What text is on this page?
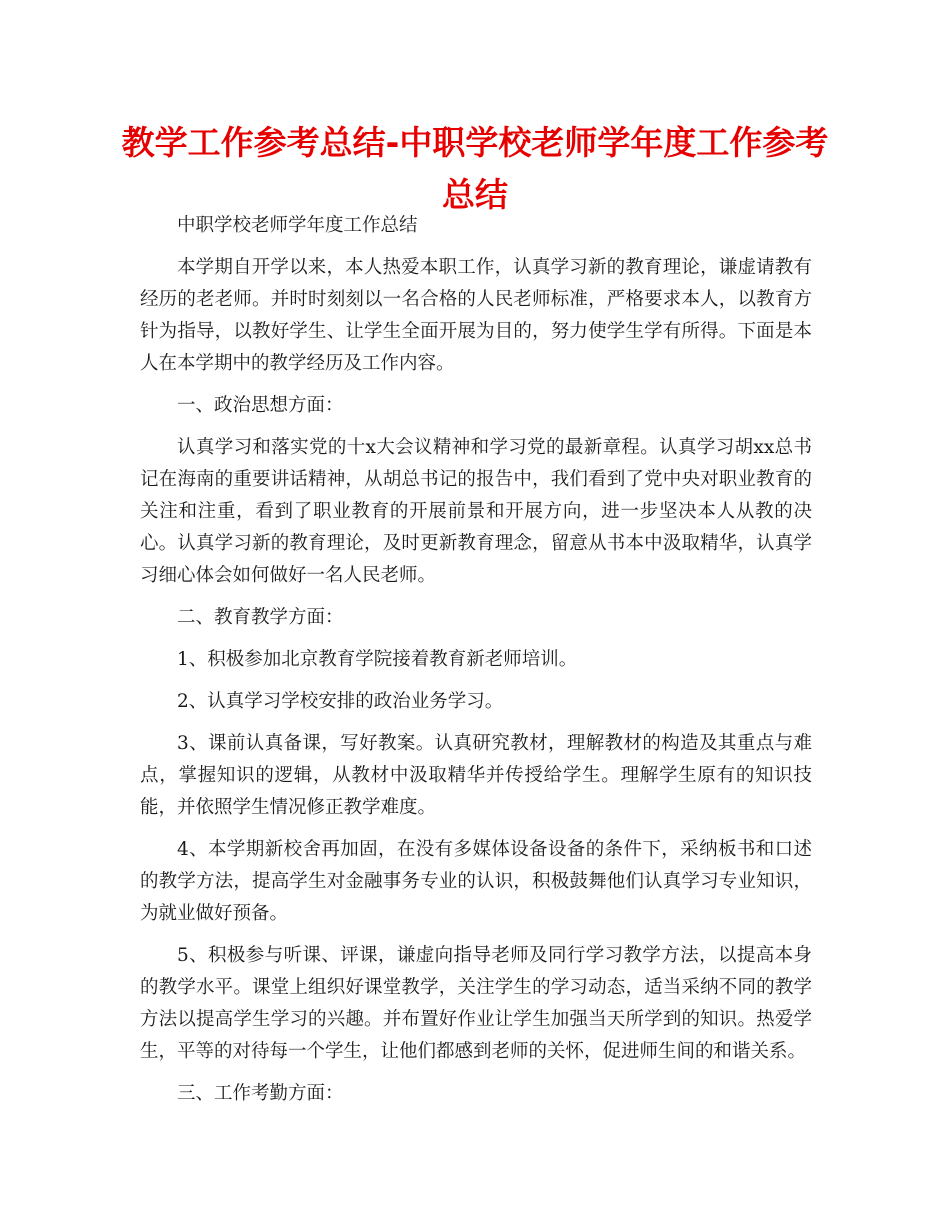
教学工作参考总结-中职学校老师学年度工作参考总结

中职学校老师学年度工作总结

本学期自开学以来，本人热爱本职工作，认真学习新的教育理论，谦虚请教有经历的老老师。并时时刻刻以一名合格的人民老师标准，严格要求本人，以教育方针为指导，以教好学生、让学生全面开展为目的，努力使学生学有所得。下面是本人在本学期中的教学经历及工作内容。

一、政治思想方面：

认真学习和落实党的十x大会议精神和学习党的最新章程。认真学习胡xx总书记在海南的重要讲话精神，从胡总书记的报告中，我们看到了党中央对职业教育的关注和注重，看到了职业教育的开展前景和开展方向，进一步坚决本人从教的决心。认真学习新的教育理论，及时更新教育理念，留意从书本中汲取精华，认真学习细心体会如何做好一名人民老师。

二、教育教学方面：

1、积极参加北京教育学院接着教育新老师培训。

2、认真学习学校安排的政治业务学习。

3、课前认真备课，写好教案。认真研究教材，理解教材的构造及其重点与难点，掌握知识的逻辑，从教材中汲取精华并传授给学生。理解学生原有的知识技能，并依照学生情况修正教学难度。

4、本学期新校舍再加固，在没有多媒体设备设备的条件下，采纳板书和口述的教学方法，提高学生对金融事务专业的认识，积极鼓舞他们认真学习专业知识，为就业做好预备。

5、积极参与听课、评课，谦虚向指导老师及同行学习教学方法，以提高本身的教学水平。课堂上组织好课堂教学，关注学生的学习动态，适当采纳不同的教学方法以提高学生学习的兴趣。并布置好作业让学生加强当天所学到的知识。热爱学生，平等的对待每一个学生，让他们都感到老师的关怀，促进师生间的和谐关系。

三、工作考勤方面：
